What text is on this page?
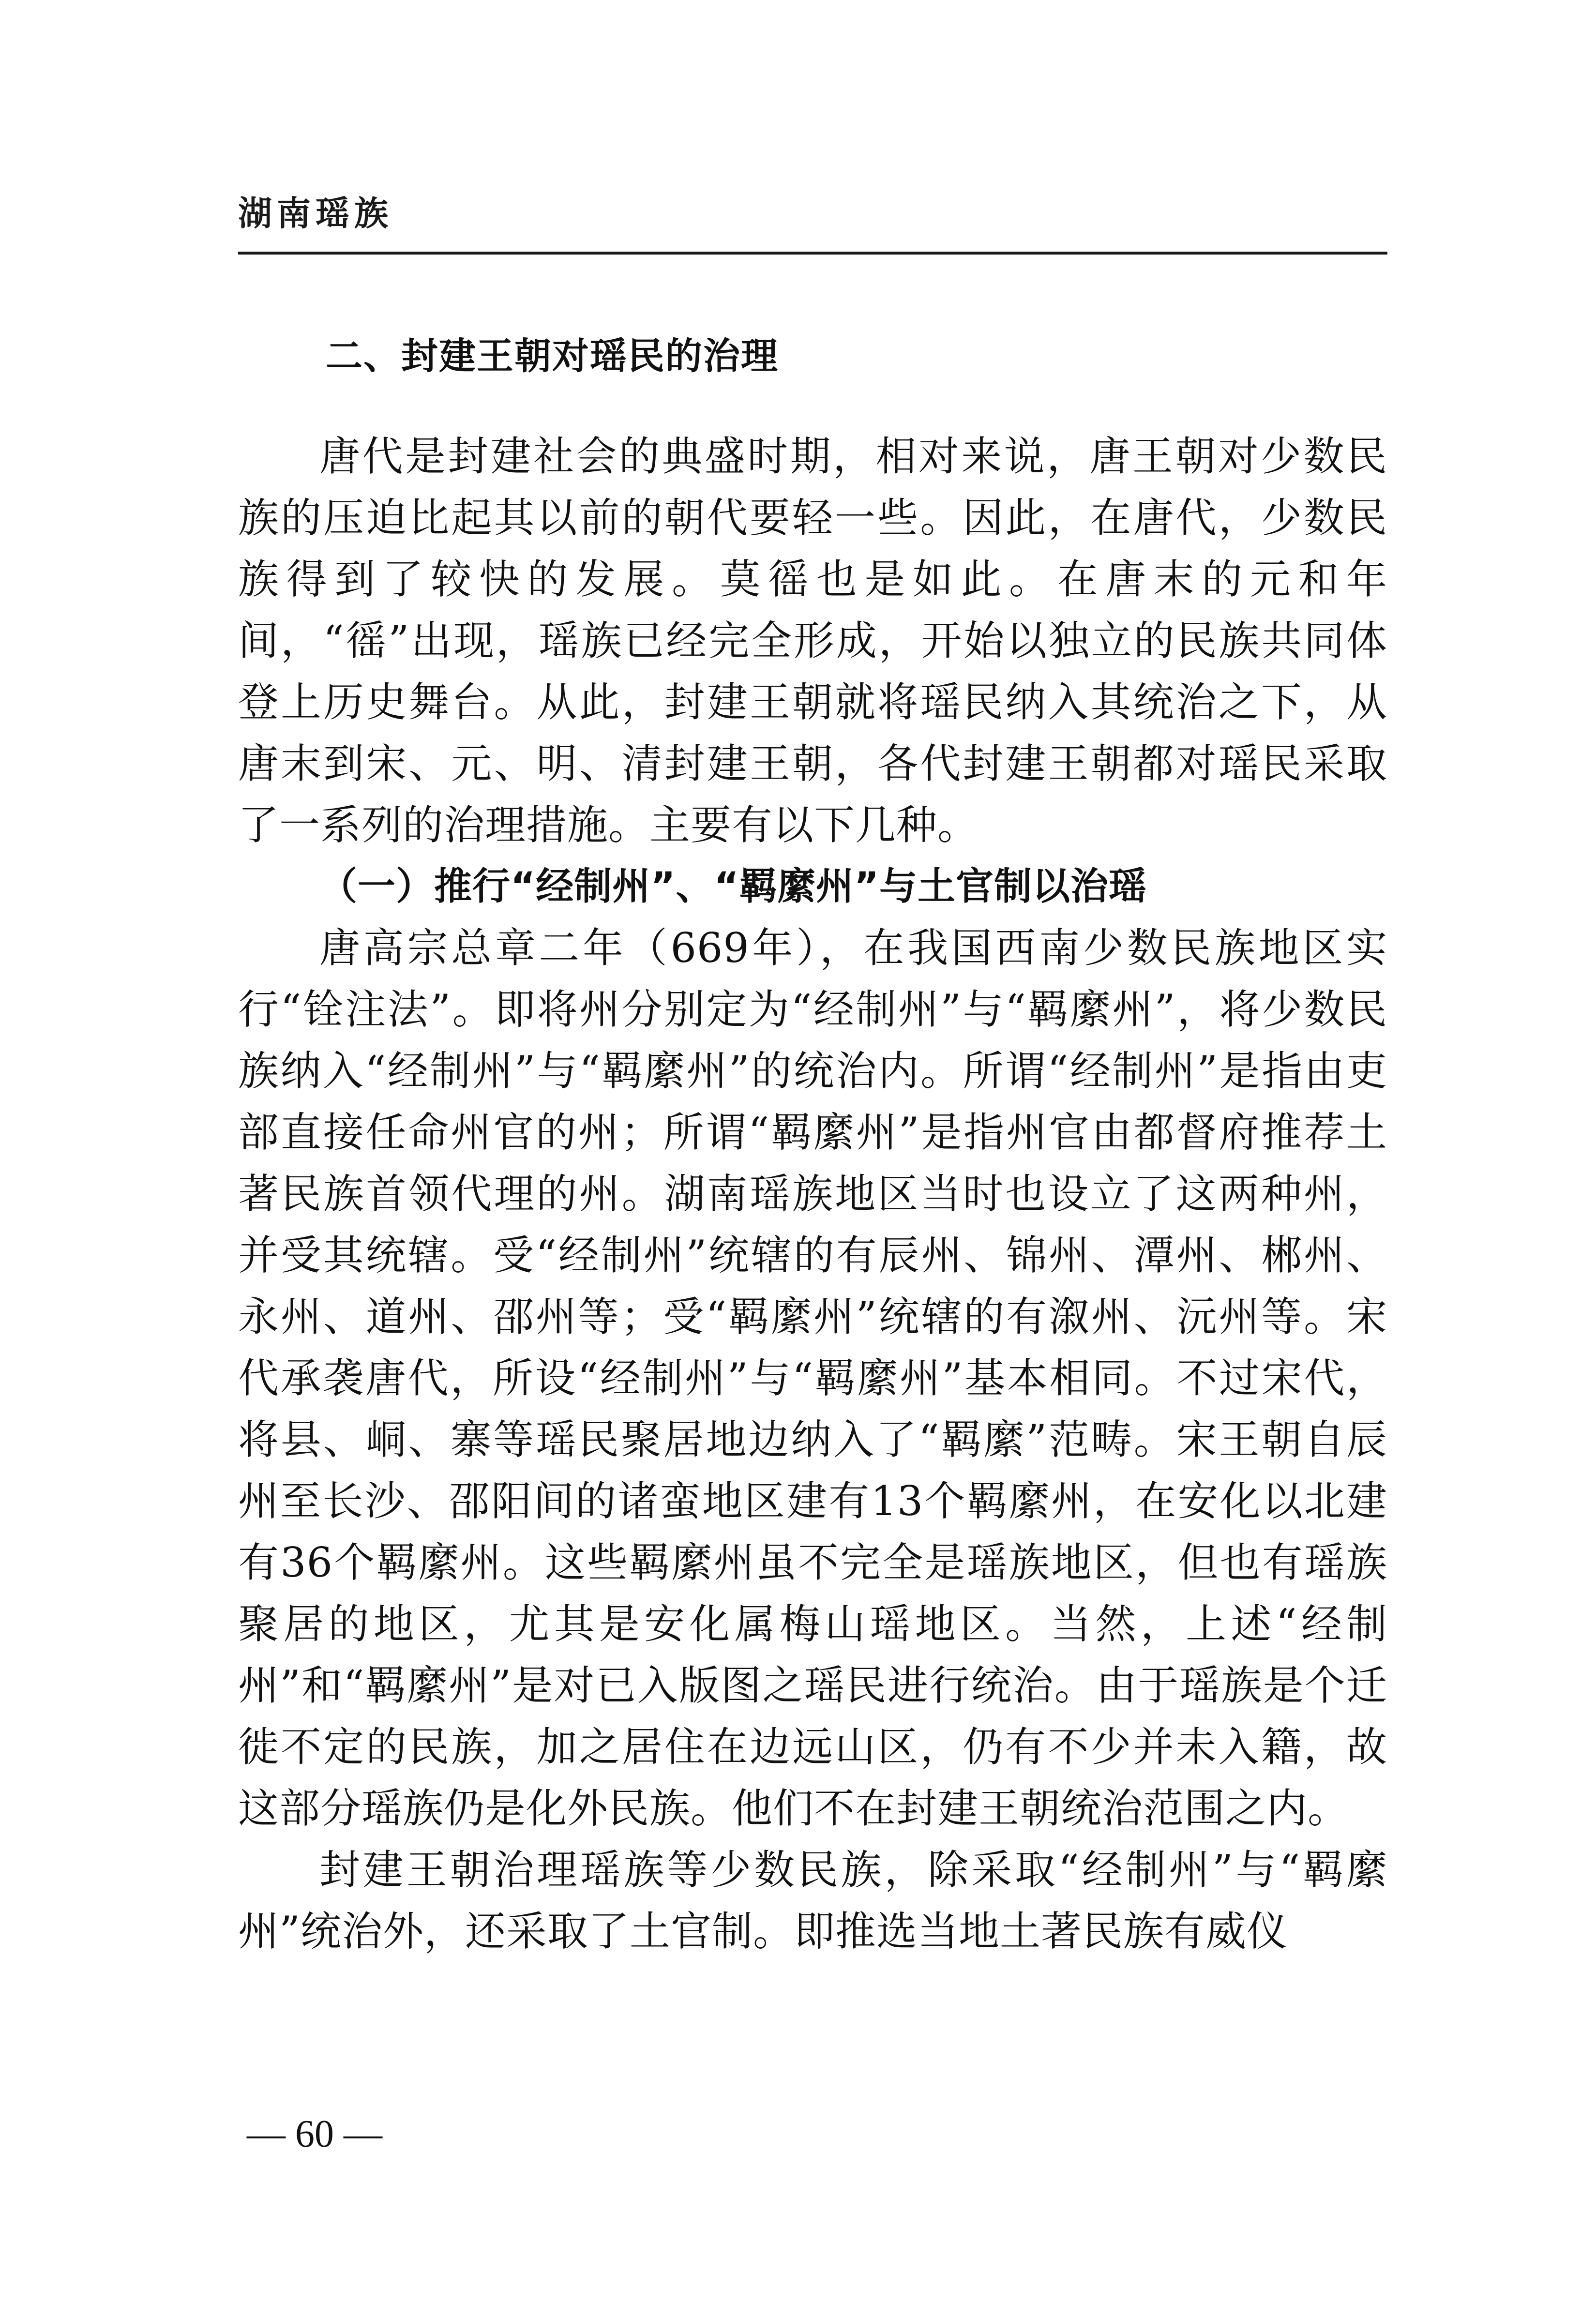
湖南瑶族
二、封建王朝对瑶民的治理

唐代是封建社会的典盛时期，相对来说，唐王朝对少数民族的压迫比起其以前的朝代要轻一些。因此，在唐代，少数民族得到了较快的发展。莫徭也是如此。在唐末的元和年间，“徭”出现，瑶族已经完全形成，开始以独立的民族共同体登上历史舞台。从此，封建王朝就将瑶民纳入其统治之下，从唐末到宋、元、明、清封建王朝，各代封建王朝都对瑶民采取了一系列的治理措施。主要有以下几种。

（一）推行“经制州”、“羁縻州”与土官制以治瑶

唐高宗总章二年（669年），在我国西南少数民族地区实行“铨注法”。即将州分别定为“经制州”与“羁縻州”，将少数民族纳入“经制州”与“羁縻州”的统治内。所谓“经制州”是指由吏部直接任命州官的州；所谓“羁縻州”是指州官由都督府推荐土著民族首领代理的州。湖南瑶族地区当时也设立了这两种州，并受其统辖。受“经制州”统辖的有辰州、锦州、潭州、郴州、永州、道州、邵州等；受“羁縻州”统辖的有溆州、沅州等。宋代承袭唐代，所设“经制州”与“羁縻州”基本相同。不过宋代，将县、峒、寨等瑶民聚居地边纳入了“羁縻”范畴。宋王朝自辰州至长沙、邵阳间的诸蛮地区建有13个羁縻州，在安化以北建有36个羁縻州。这些羁縻州虽不完全是瑶族地区，但也有瑶族聚居的地区，尤其是安化属梅山瑶地区。当然，上述“经制州”和“羁縻州”是对已入版图之瑶民进行统治。由于瑶族是个迁徙不定的民族，加之居住在边远山区，仍有不少并未入籍，故这部分瑶族仍是化外民族。他们不在封建王朝统治范围之内。

封建王朝治理瑶族等少数民族，除采取“经制州”与“羁縻州”统治外，还采取了土官制。即推选当地土著民族有威仪

— 60 —
